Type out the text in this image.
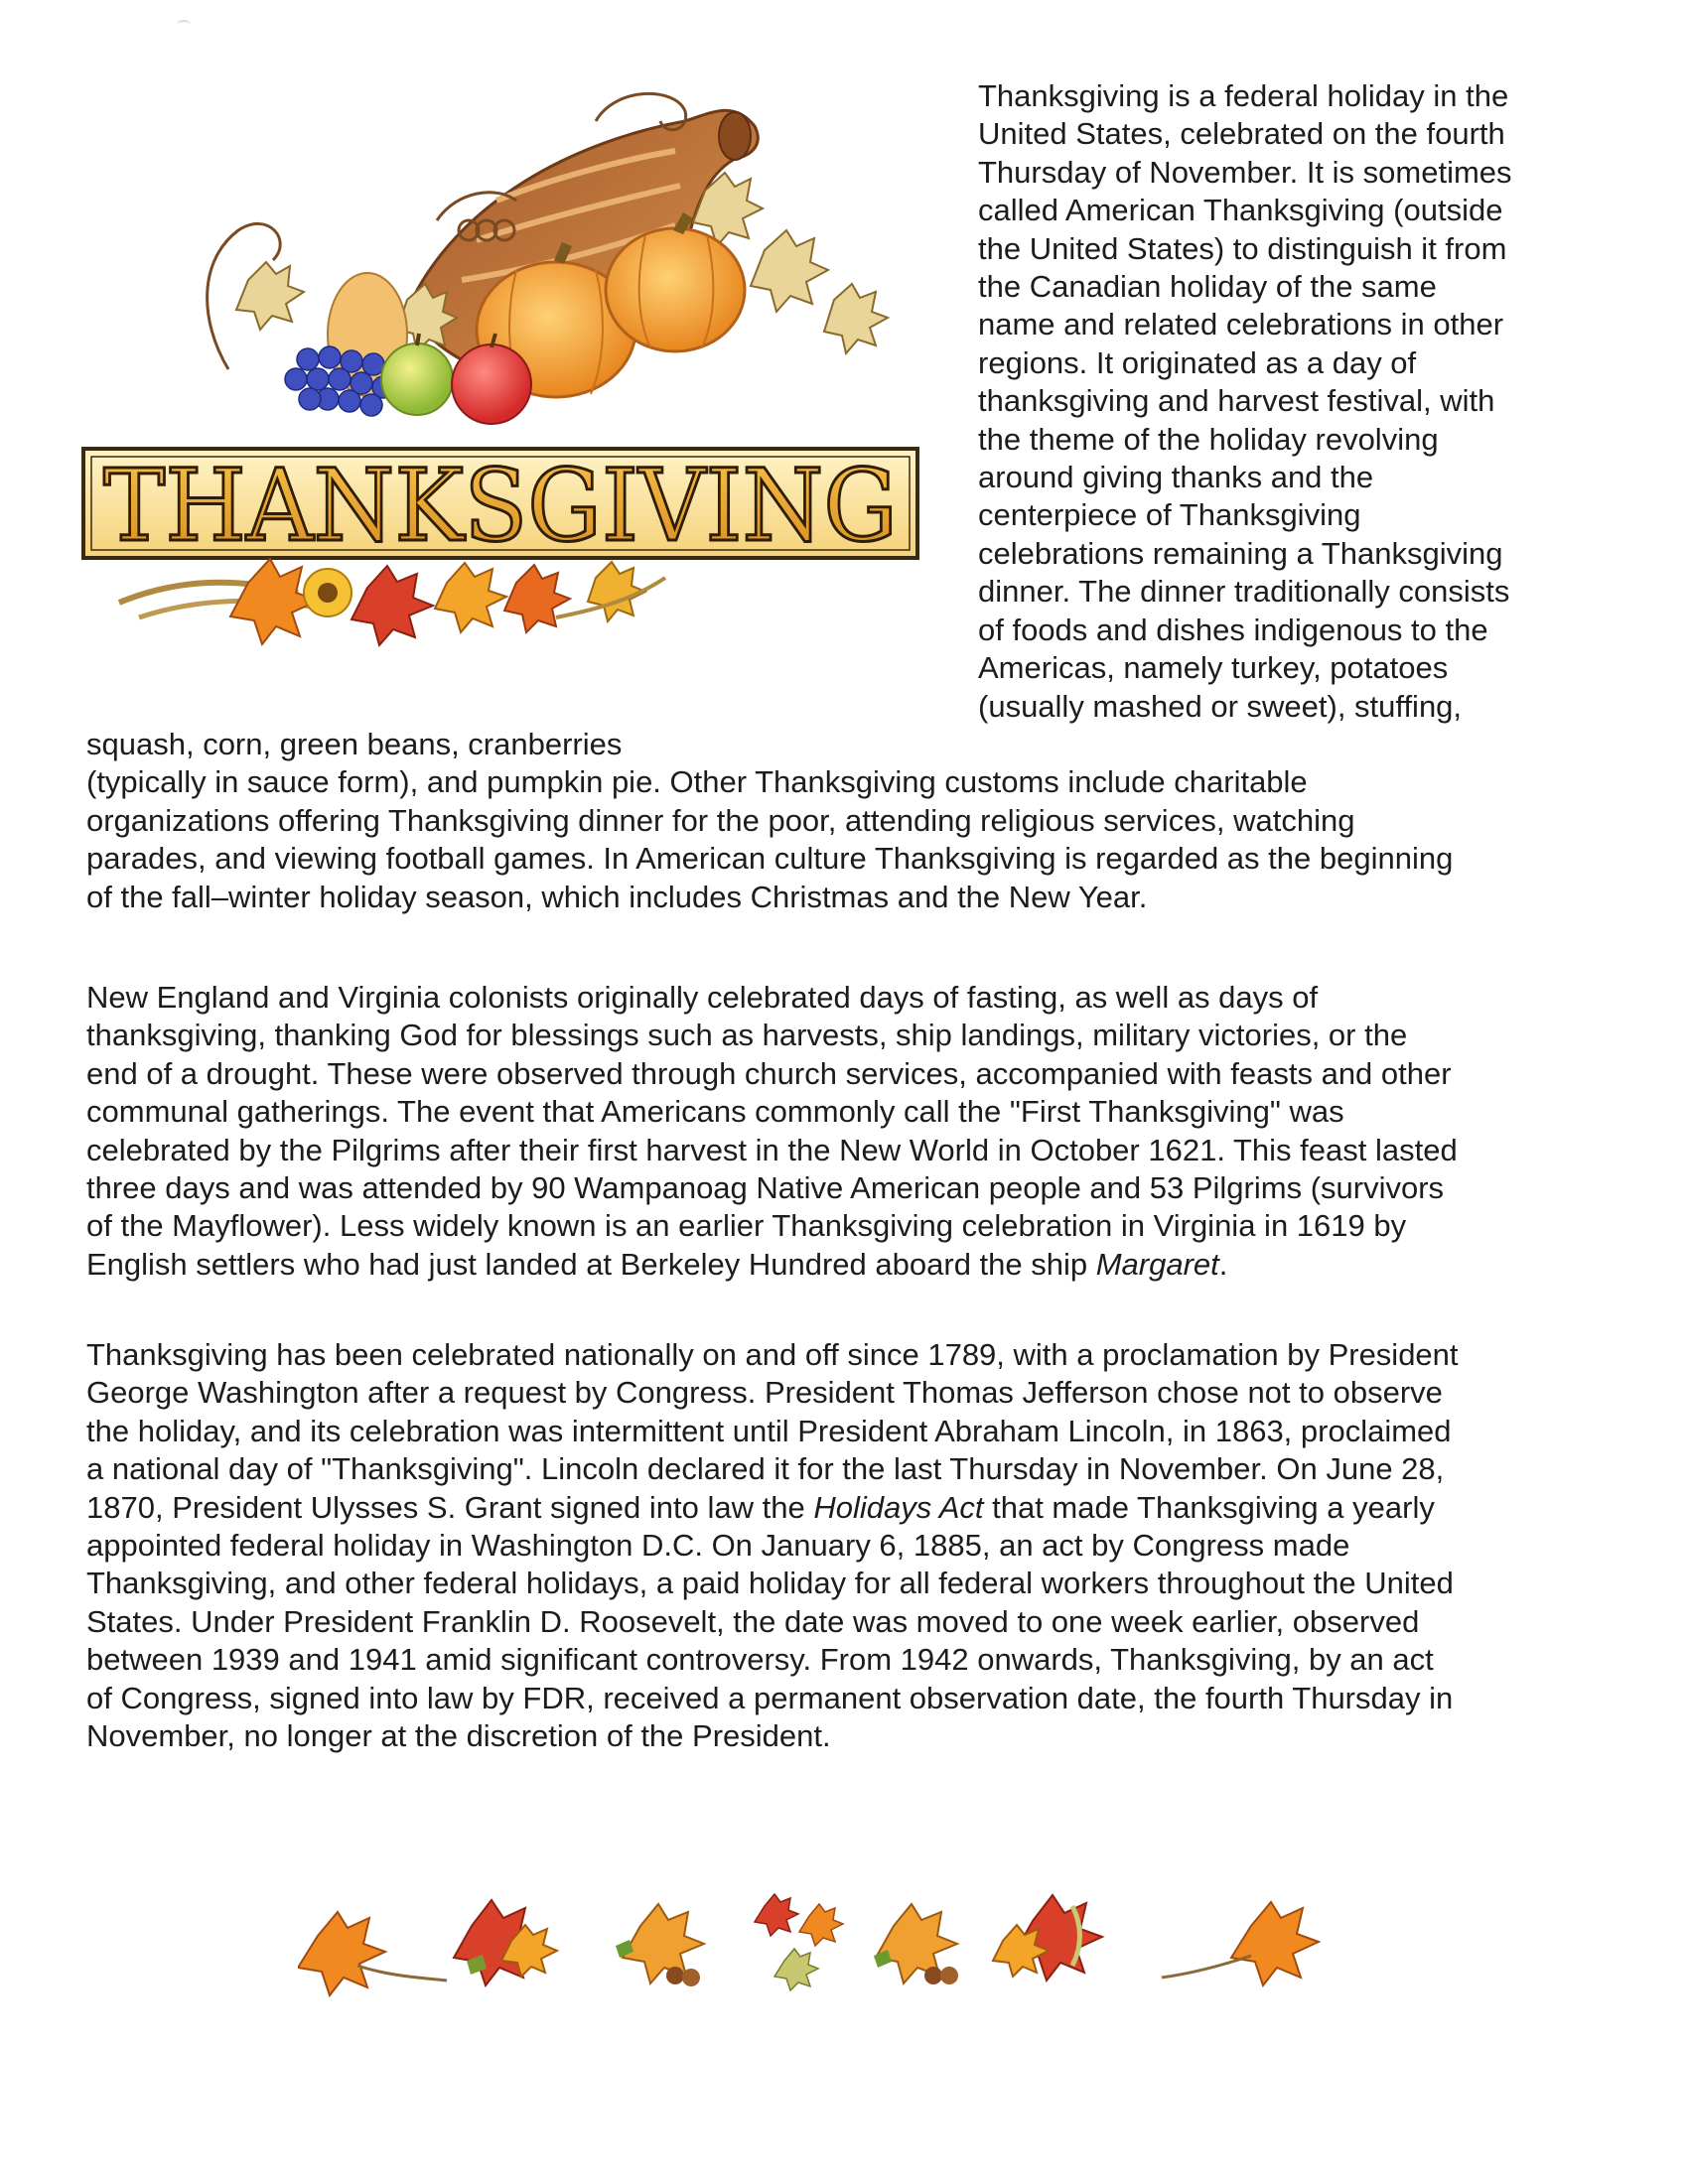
THANKSGIVING
Thanksgiving is a federal holiday in the
United States, celebrated on the fourth
Thursday of November. It is sometimes
called American Thanksgiving (outside
the United States) to distinguish it from
the Canadian holiday of the same
name and related celebrations in other
regions. It originated as a day of
thanksgiving and harvest festival, with
the theme of the holiday revolving
around giving thanks and the
centerpiece of Thanksgiving
celebrations remaining a Thanksgiving
dinner. The dinner traditionally consists
of foods and dishes indigenous to the
Americas, namely turkey, potatoes
(usually mashed or sweet), stuffing,
squash, corn, green beans, cranberries
(typically in sauce form), and pumpkin pie. Other Thanksgiving customs include charitable
organizations offering Thanksgiving dinner for the poor, attending religious services, watching
parades, and viewing football games. In American culture Thanksgiving is regarded as the beginning
of the fall–winter holiday season, which includes Christmas and the New Year.
New England and Virginia colonists originally celebrated days of fasting, as well as days of
thanksgiving, thanking God for blessings such as harvests, ship landings, military victories, or the
end of a drought. These were observed through church services, accompanied with feasts and other
communal gatherings. The event that Americans commonly call the "First Thanksgiving" was
celebrated by the Pilgrims after their first harvest in the New World in October 1621. This feast lasted
three days and was attended by 90 Wampanoag Native American people and 53 Pilgrims (survivors
of the Mayflower). Less widely known is an earlier Thanksgiving celebration in Virginia in 1619 by
English settlers who had just landed at Berkeley Hundred aboard the ship Margaret.
Thanksgiving has been celebrated nationally on and off since 1789, with a proclamation by President
George Washington after a request by Congress. President Thomas Jefferson chose not to observe
the holiday, and its celebration was intermittent until President Abraham Lincoln, in 1863, proclaimed
a national day of "Thanksgiving". Lincoln declared it for the last Thursday in November. On June 28,
1870, President Ulysses S. Grant signed into law the Holidays Act that made Thanksgiving a yearly
appointed federal holiday in Washington D.C. On January 6, 1885, an act by Congress made
Thanksgiving, and other federal holidays, a paid holiday for all federal workers throughout the United
States. Under President Franklin D. Roosevelt, the date was moved to one week earlier, observed
between 1939 and 1941 amid significant controversy. From 1942 onwards, Thanksgiving, by an act
of Congress, signed into law by FDR, received a permanent observation date, the fourth Thursday in
November, no longer at the discretion of the President.
